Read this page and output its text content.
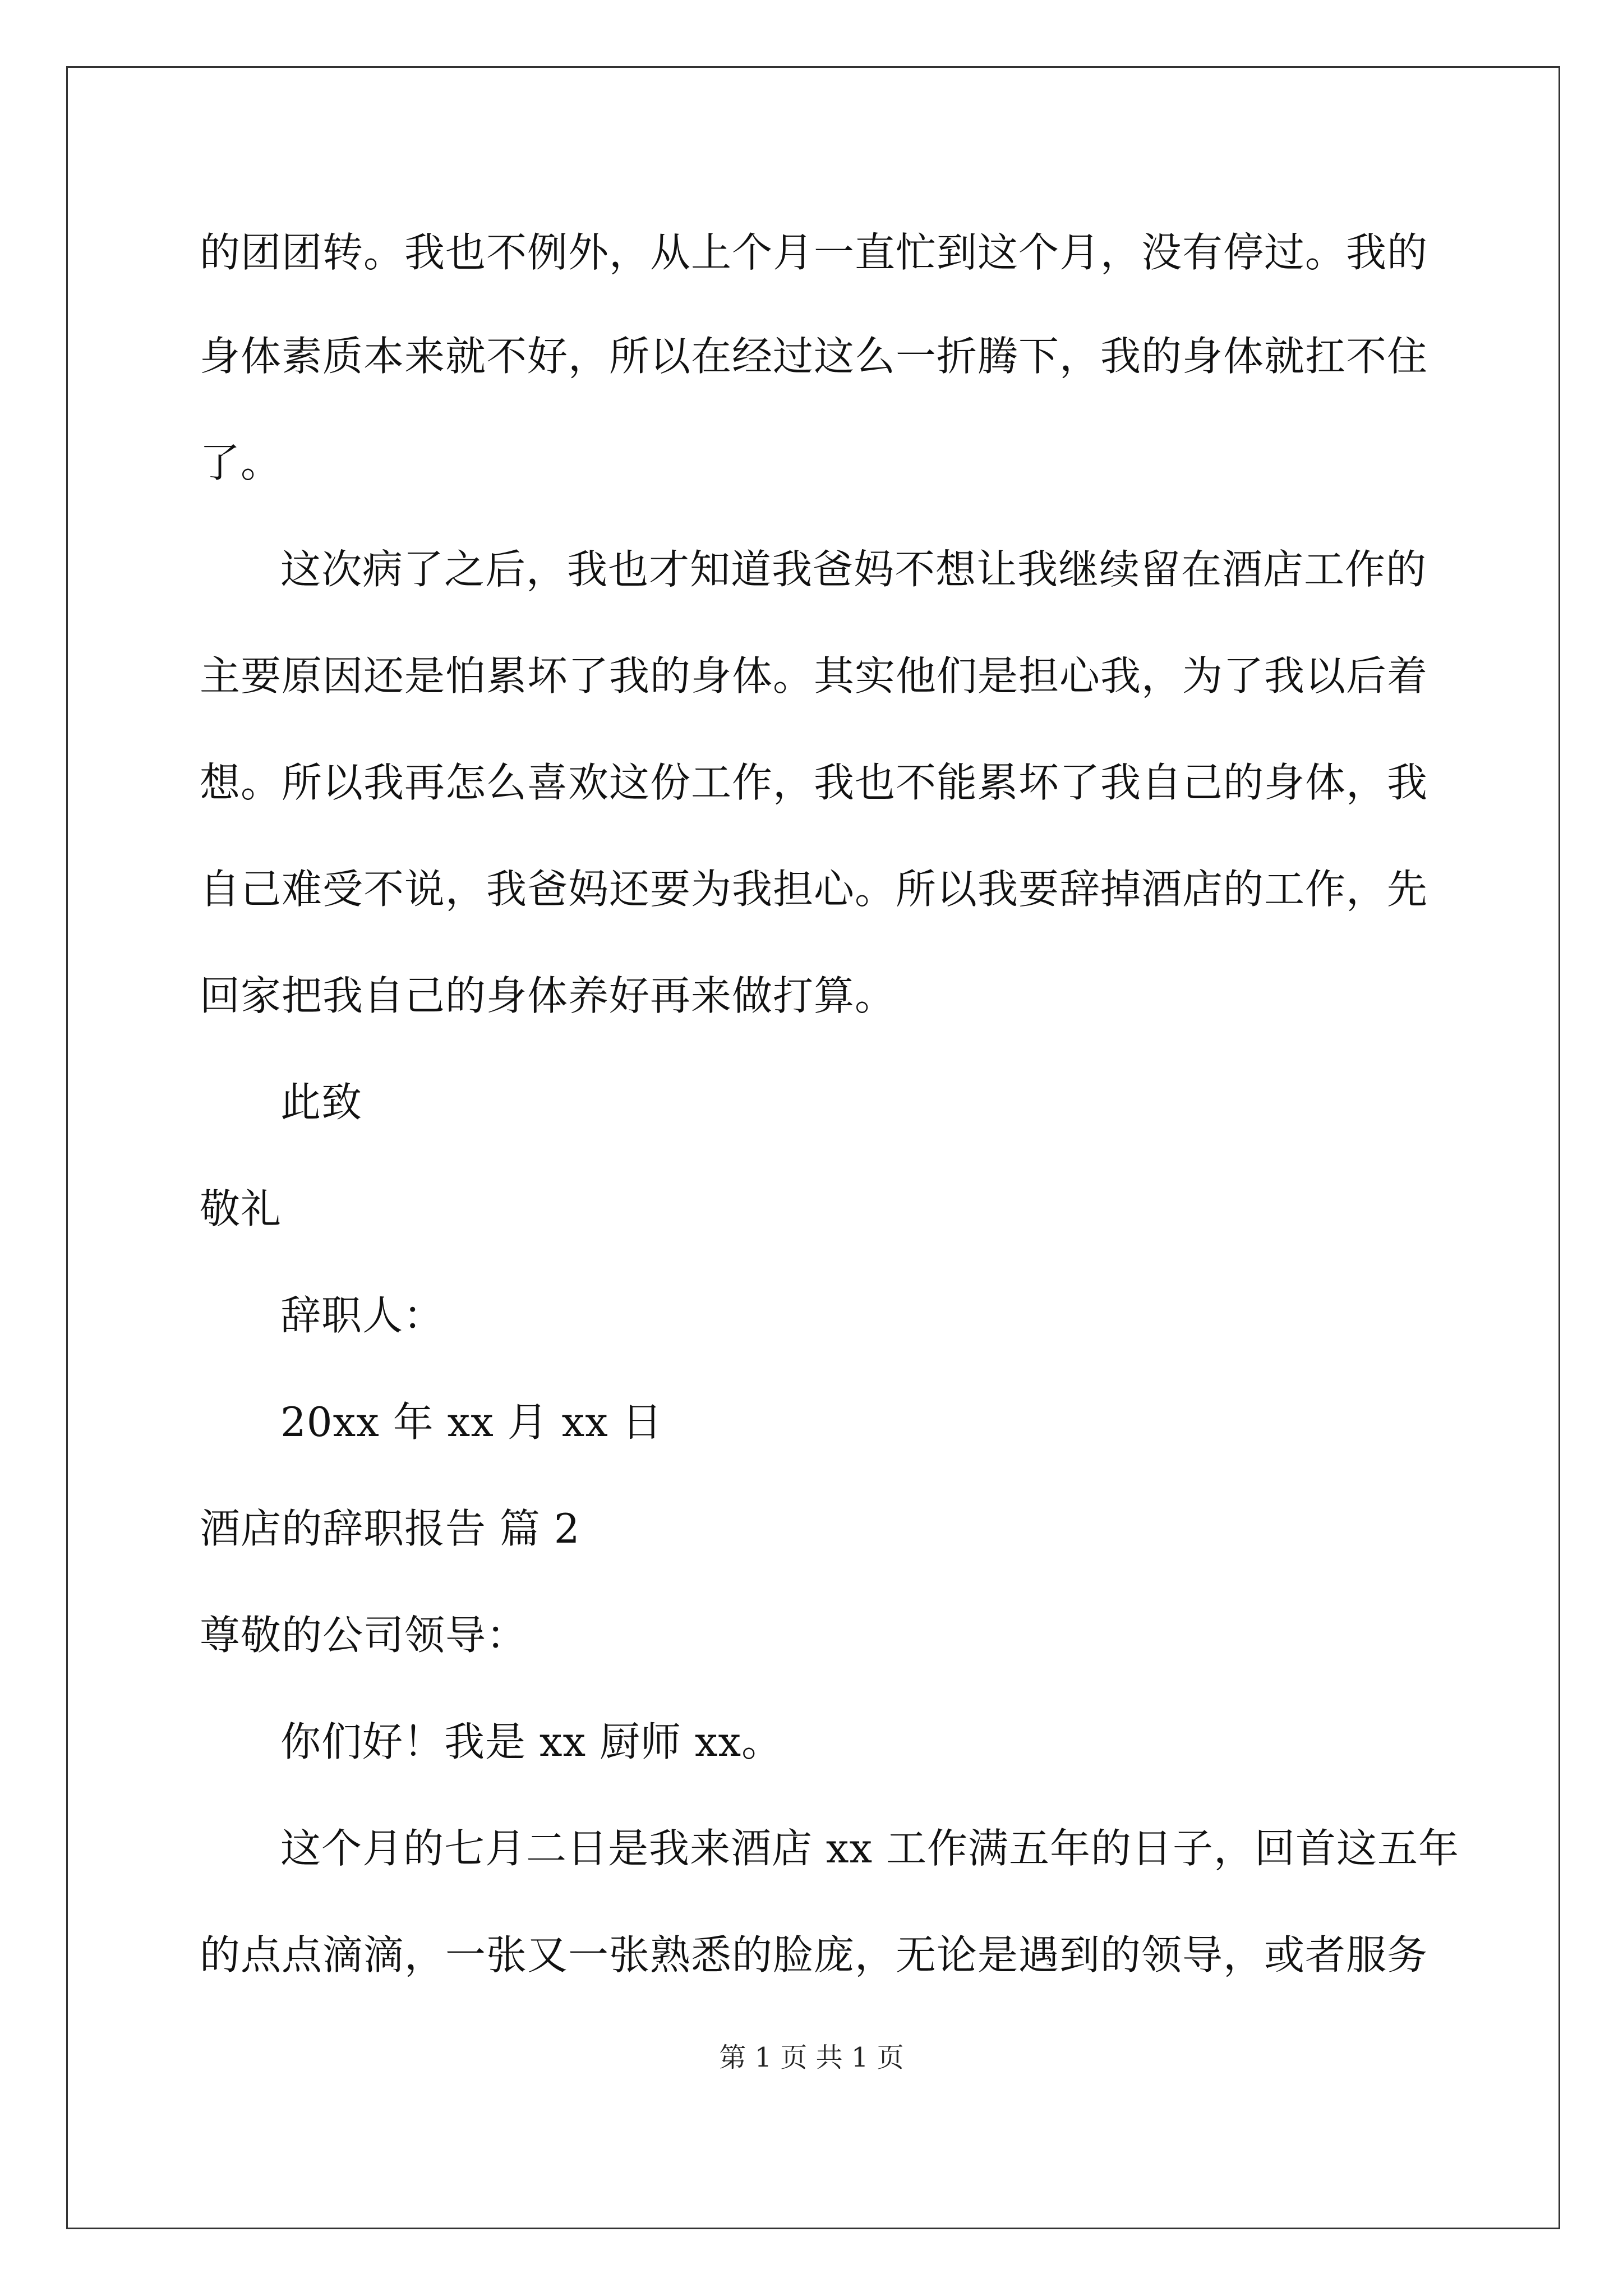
的团团转。我也不例外，从上个月一直忙到这个月，没有停过。我的
身体素质本来就不好，所以在经过这么一折腾下，我的身体就扛不住
了。
这次病了之后，我也才知道我爸妈不想让我继续留在酒店工作的
主要原因还是怕累坏了我的身体。其实他们是担心我，为了我以后着
想。所以我再怎么喜欢这份工作，我也不能累坏了我自己的身体，我
自己难受不说，我爸妈还要为我担心。所以我要辞掉酒店的工作，先
回家把我自己的身体养好再来做打算。
此致
敬礼
辞职人：
20xx 年 xx 月 xx 日
酒店的辞职报告 篇 2
尊敬的公司领导：
你们好！我是 xx 厨师 xx。
这个月的七月二日是我来酒店 xx 工作满五年的日子，回首这五年
的点点滴滴，一张又一张熟悉的脸庞，无论是遇到的领导，或者服务
第 1 页 共 1 页
